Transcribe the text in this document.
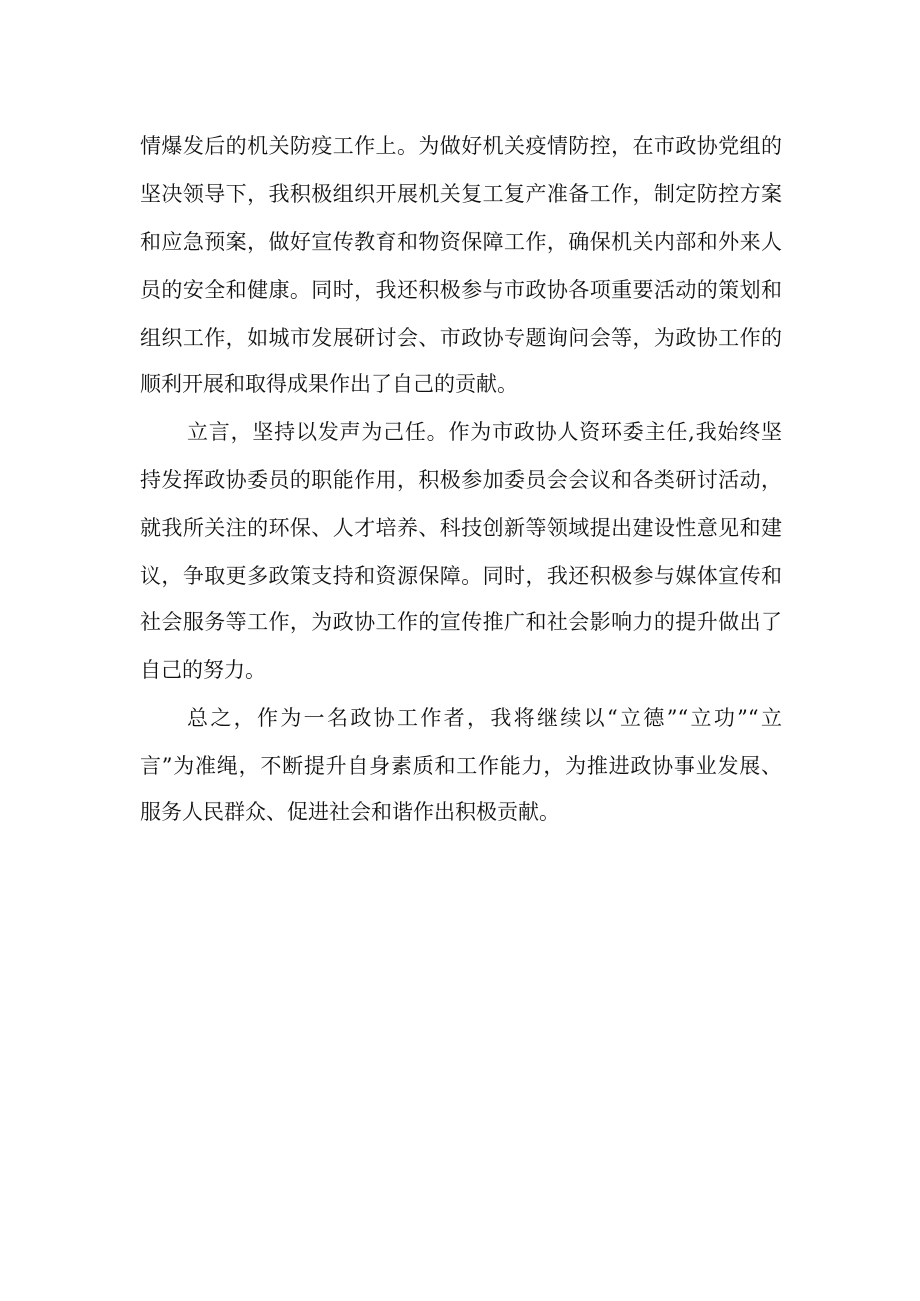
情爆发后的机关防疫工作上。为做好机关疫情防控，在市政协党组的
坚决领导下，我积极组织开展机关复工复产准备工作，制定防控方案
和应急预案，做好宣传教育和物资保障工作，确保机关内部和外来人
员的安全和健康。同时，我还积极参与市政协各项重要活动的策划和
组织工作，如城市发展研讨会、市政协专题询问会等，为政协工作的
顺利开展和取得成果作出了自己的贡献。
立言，坚持以发声为己任。作为市政协人资环委主任,我始终坚
持发挥政协委员的职能作用，积极参加委员会会议和各类研讨活动，
就我所关注的环保、人才培养、科技创新等领域提出建设性意见和建
议，争取更多政策支持和资源保障。同时，我还积极参与媒体宣传和
社会服务等工作，为政协工作的宣传推广和社会影响力的提升做出了
自己的努力。
总之，作为一名政协工作者，我将继续以“立德”“立功”“立
言”为准绳，不断提升自身素质和工作能力，为推进政协事业发展、
服务人民群众、促进社会和谐作出积极贡献。
